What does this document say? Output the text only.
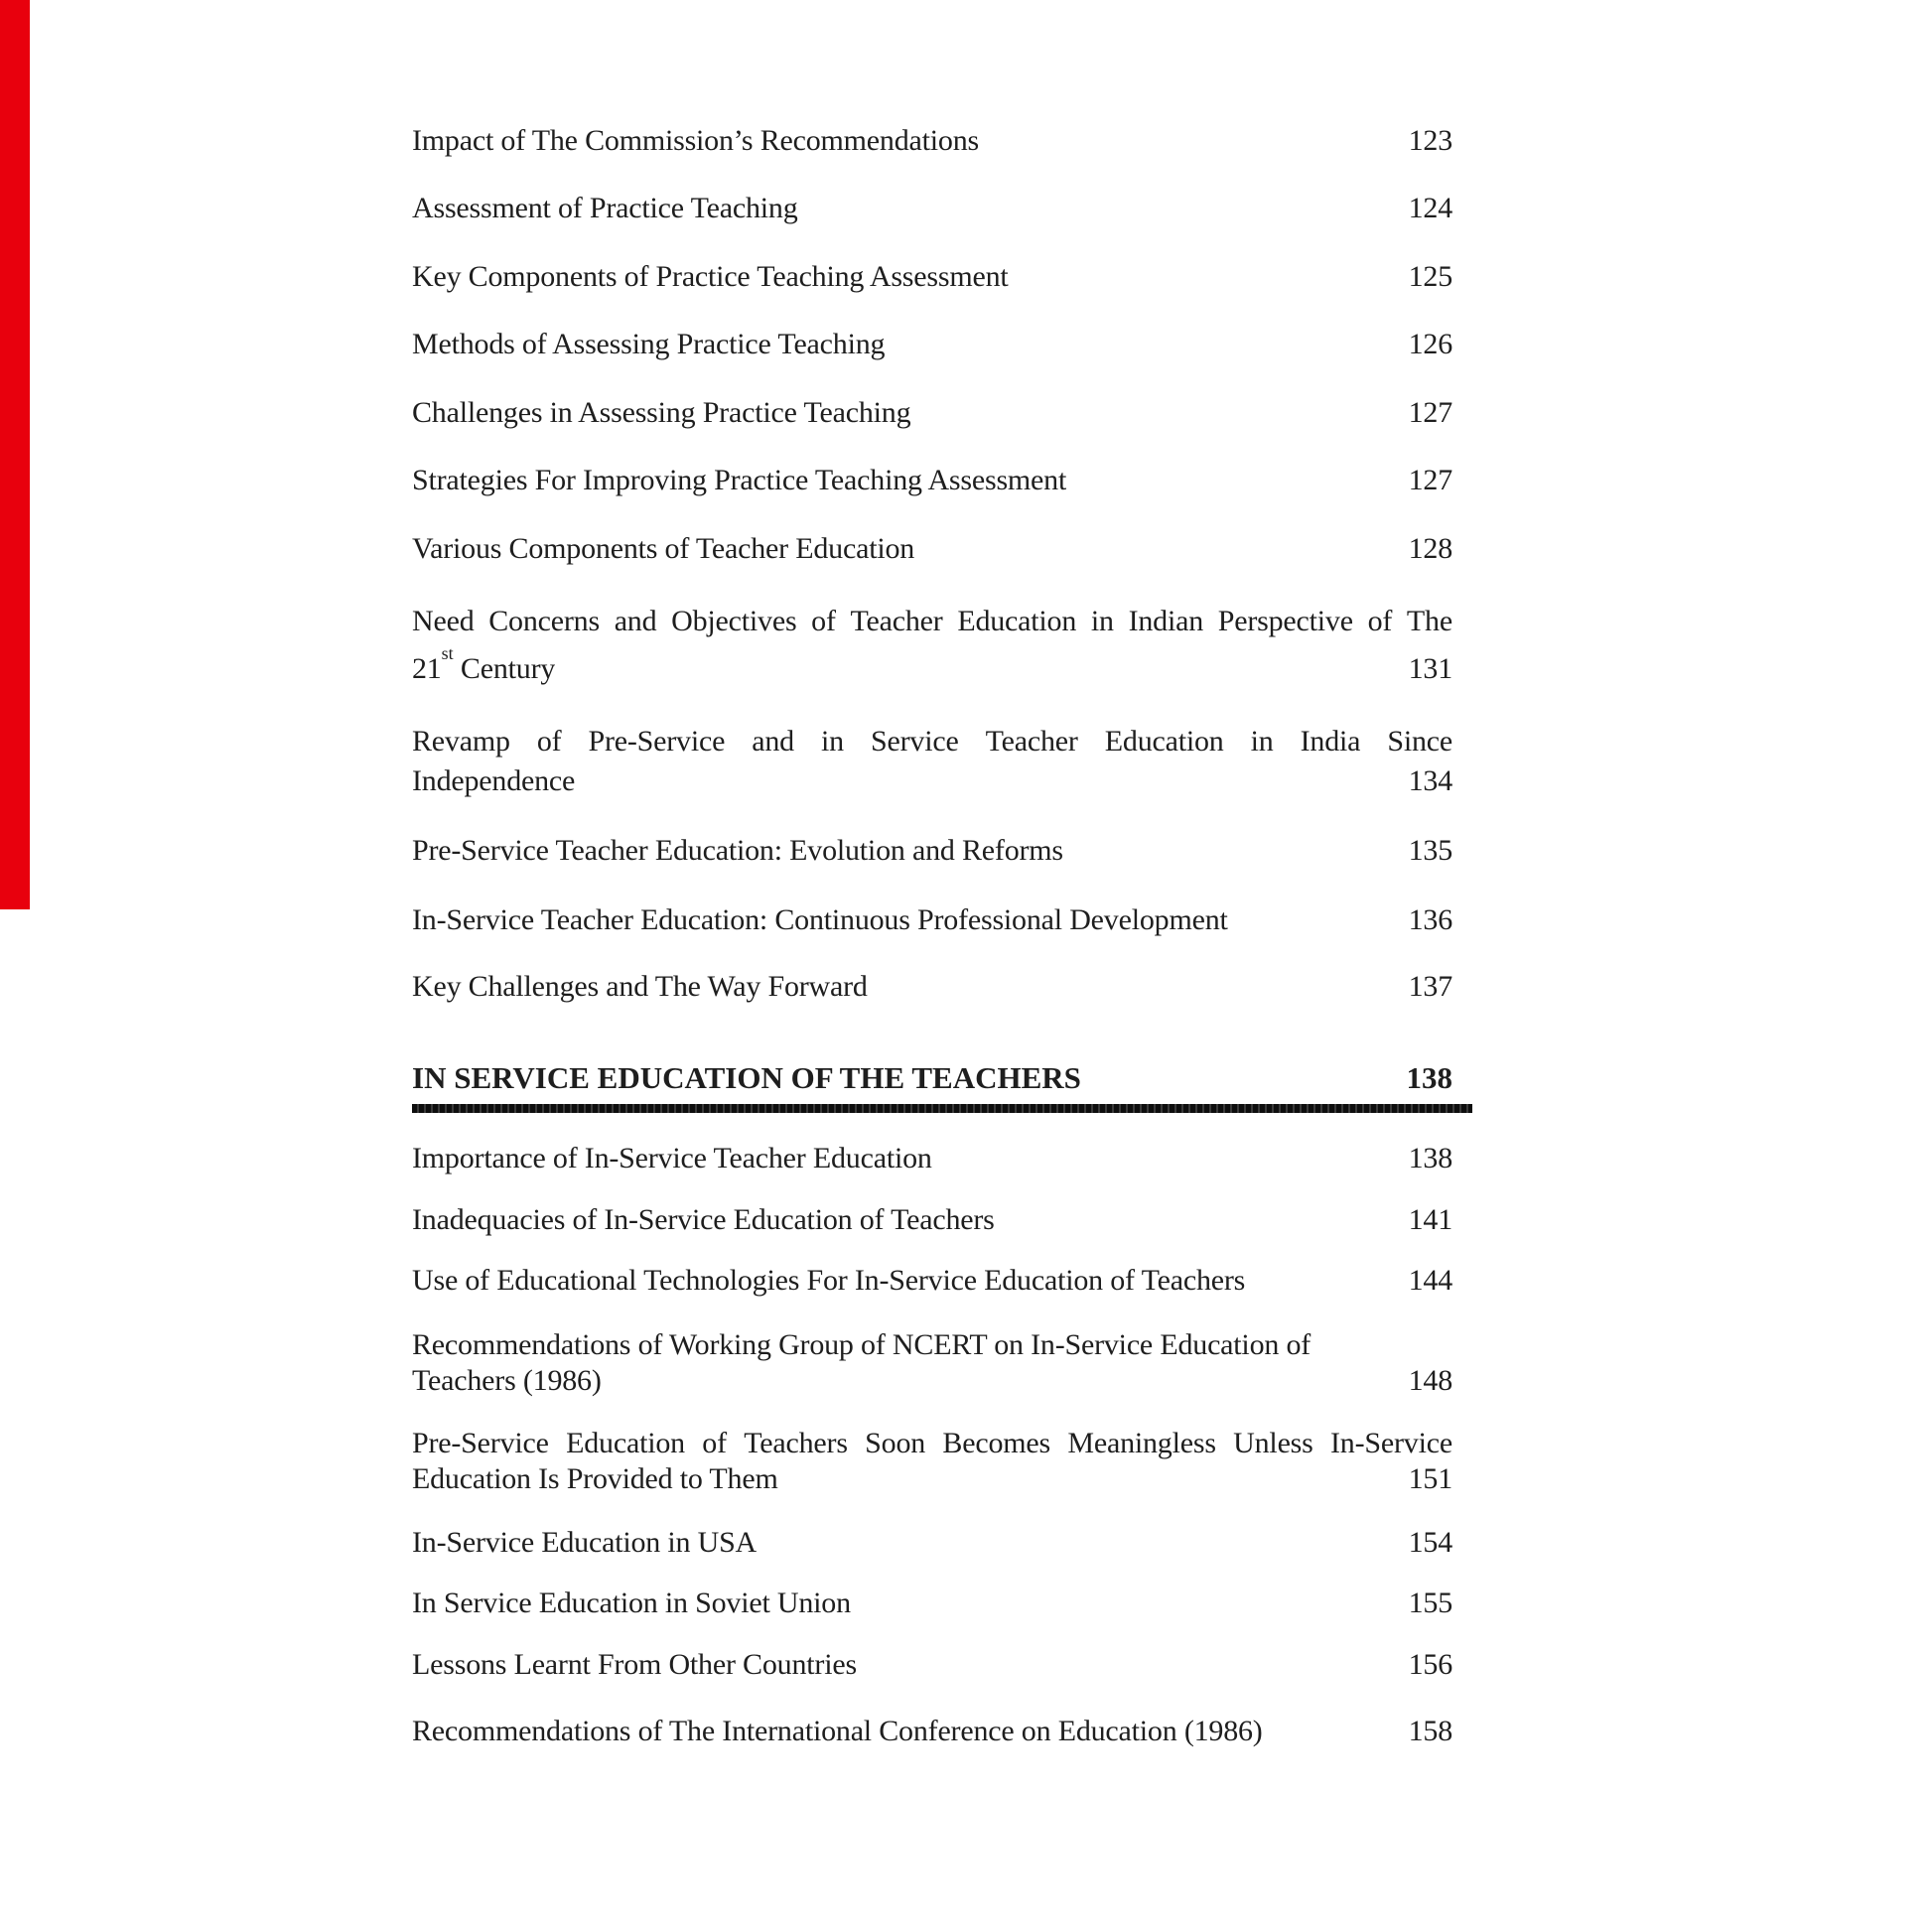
Impact of The Commission’s Recommendations	123
Assessment of Practice Teaching	124
Key Components of Practice Teaching Assessment	125
Methods of Assessing Practice Teaching	126
Challenges in Assessing Practice Teaching	127
Strategies For Improving Practice Teaching Assessment	127
Various Components of Teacher Education	128
Need Concerns and Objectives of Teacher Education in Indian Perspective of The
21st Century	131
Revamp of Pre-Service and in Service Teacher Education in India Since
Independence	134
Pre-Service Teacher Education: Evolution and Reforms	135
In-Service Teacher Education: Continuous Professional Development	136
Key Challenges and The Way Forward	137
IN SERVICE EDUCATION OF THE TEACHERS	138
Importance of In-Service Teacher Education	138
Inadequacies of In-Service Education of Teachers	141
Use of Educational Technologies For In-Service Education of Teachers	144
Recommendations of Working Group of NCERT on In-Service Education of
Teachers (1986)	148
Pre-Service Education of Teachers Soon Becomes Meaningless Unless In-Service
Education Is Provided to Them	151
In-Service Education in USA	154
In Service Education in Soviet Union	155
Lessons Learnt From Other Countries	156
Recommendations of The International Conference on Education (1986)	158
